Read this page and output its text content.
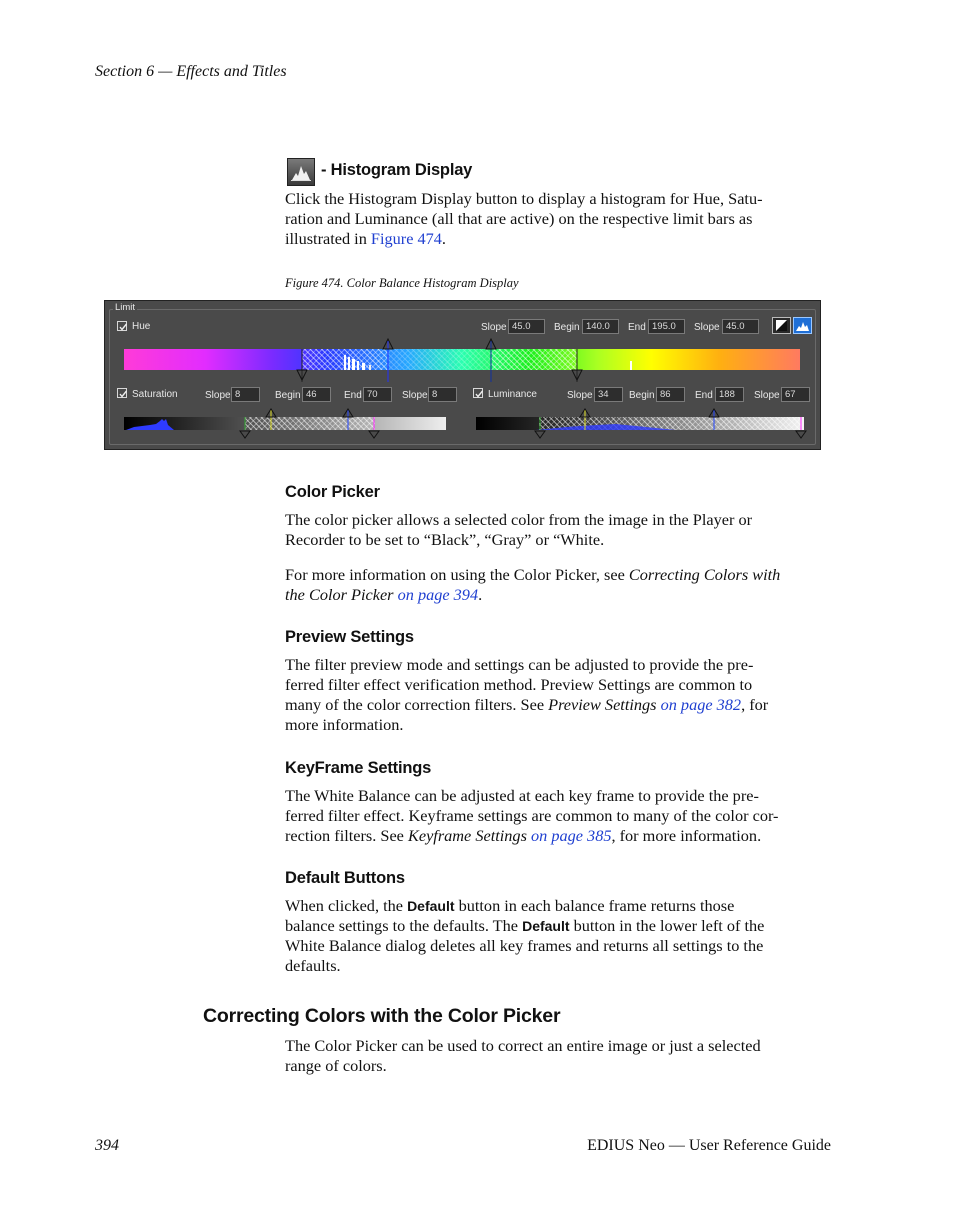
Section 6 — Effects and Titles
- Histogram Display
Click the Histogram Display button to display a histogram for Hue, Satu-
ration and Luminance (all that are active) on the respective limit bars as
illustrated in Figure 474.
Figure 474. Color Balance Histogram Display
Limit
Hue	Slope 45.0	Begin 140.0	End 195.0	Slope 45.0
Saturation	Slope 8	Begin 46	End 70	Slope 8	Luminance	Slope 34	Begin 86	End 188	Slope 67
Color Picker
The color picker allows a selected color from the image in the Player or
Recorder to be set to “Black”, “Gray” or “White.
For more information on using the Color Picker, see Correcting Colors with
the Color Picker on page 394.
Preview Settings
The filter preview mode and settings can be adjusted to provide the pre-
ferred filter effect verification method. Preview Settings are common to
many of the color correction filters. See Preview Settings on page 382, for
more information.
KeyFrame Settings
The White Balance can be adjusted at each key frame to provide the pre-
ferred filter effect. Keyframe settings are common to many of the color cor-
rection filters. See Keyframe Settings on page 385, for more information.
Default Buttons
When clicked, the Default button in each balance frame returns those
balance settings to the defaults. The Default button in the lower left of the
White Balance dialog deletes all key frames and returns all settings to the
defaults.
Correcting Colors with the Color Picker
The Color Picker can be used to correct an entire image or just a selected
range of colors.
394	EDIUS Neo — User Reference Guide
